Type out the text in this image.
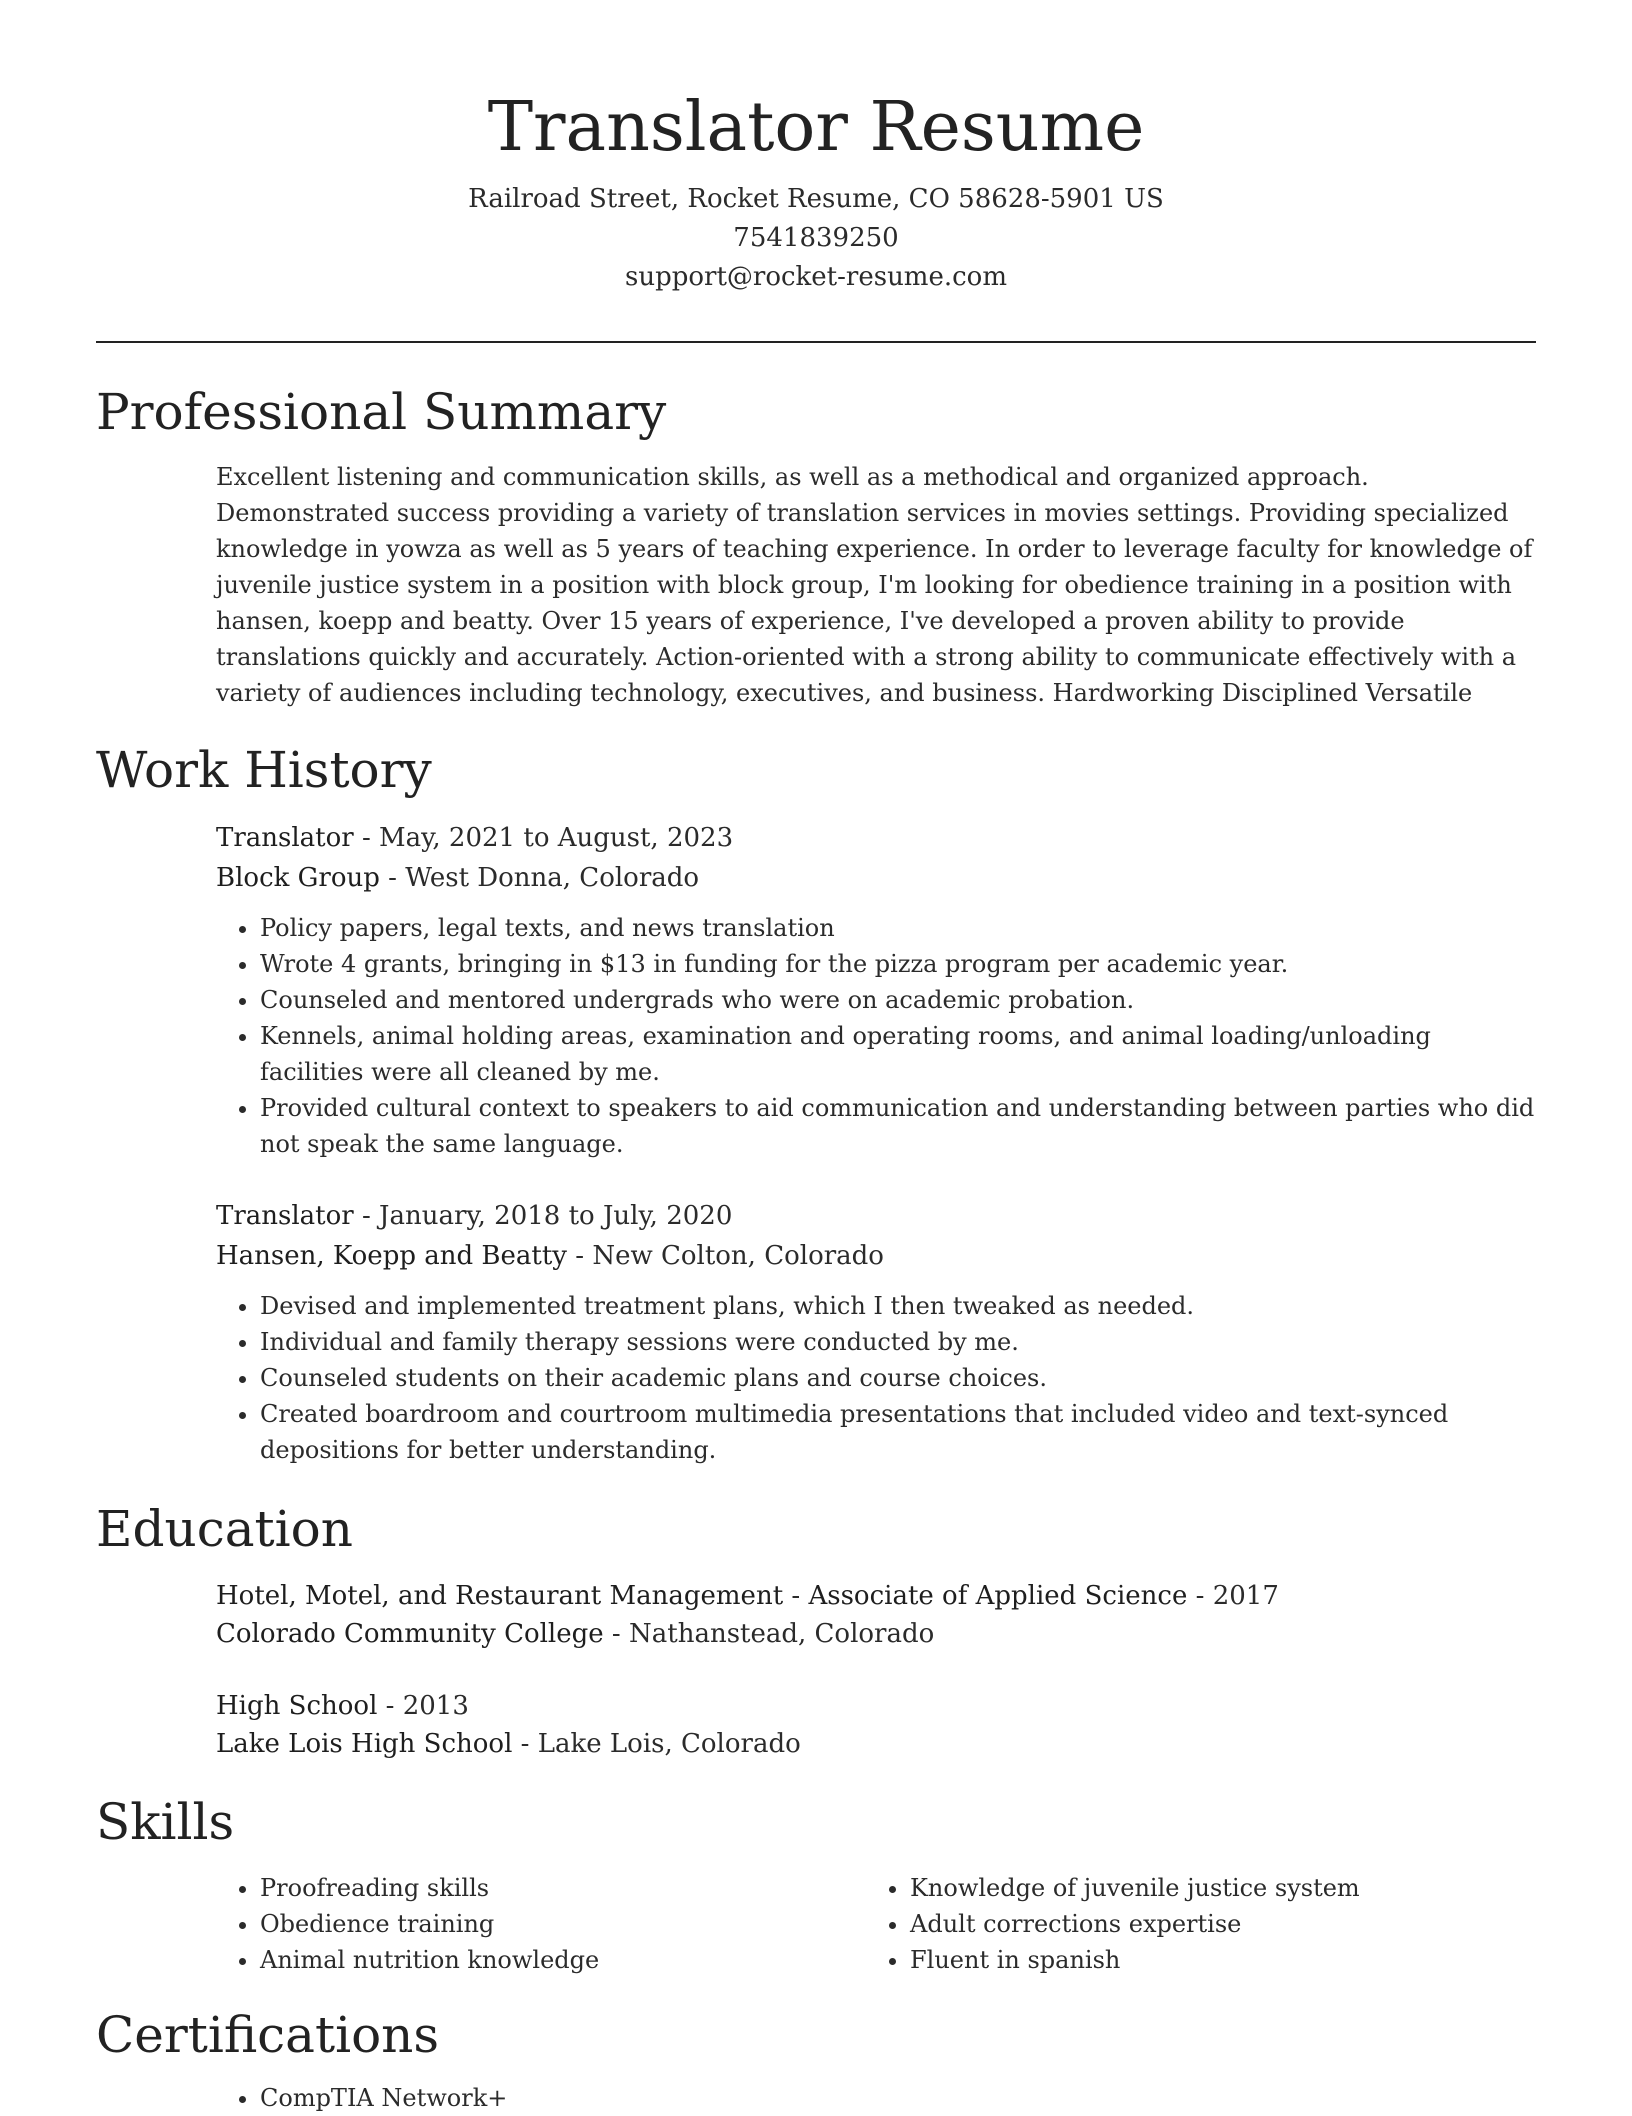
Translator Resume
Railroad Street, Rocket Resume, CO 58628-5901 US
7541839250
support@rocket-resume.com
Professional Summary

Excellent listening and communication skills, as well as a methodical and organized approach. Demonstrated success providing a variety of translation services in movies settings. Providing specialized knowledge in yowza as well as 5 years of teaching experience. In order to leverage faculty for knowledge of juvenile justice system in a position with block group, I'm looking for obedience training in a position with hansen, koepp and beatty. Over 15 years of experience, I've developed a proven ability to provide translations quickly and accurately. Action-oriented with a strong ability to communicate effectively with a variety of audiences including technology, executives, and business. Hardworking Disciplined Versatile

Work History
Translator - May, 2021 to August, 2023
Block Group - West Donna, Colorado
• Policy papers, legal texts, and news translation
• Wrote 4 grants, bringing in $13 in funding for the pizza program per academic year.
• Counseled and mentored undergrads who were on academic probation.
• Kennels, animal holding areas, examination and operating rooms, and animal loading/unloading facilities were all cleaned by me.
• Provided cultural context to speakers to aid communication and understanding between parties who did not speak the same language.
Translator - January, 2018 to July, 2020
Hansen, Koepp and Beatty - New Colton, Colorado
• Devised and implemented treatment plans, which I then tweaked as needed.
• Individual and family therapy sessions were conducted by me.
• Counseled students on their academic plans and course choices.
• Created boardroom and courtroom multimedia presentations that included video and text-synced depositions for better understanding.
Education
Hotel, Motel, and Restaurant Management - Associate of Applied Science - 2017
Colorado Community College - Nathanstead, Colorado
High School - 2013
Lake Lois High School - Lake Lois, Colorado
Skills
• Proofreading skills
• Obedience training
• Animal nutrition knowledge
• Knowledge of juvenile justice system
• Adult corrections expertise
• Fluent in spanish
Certifications
• CompTIA Network+
